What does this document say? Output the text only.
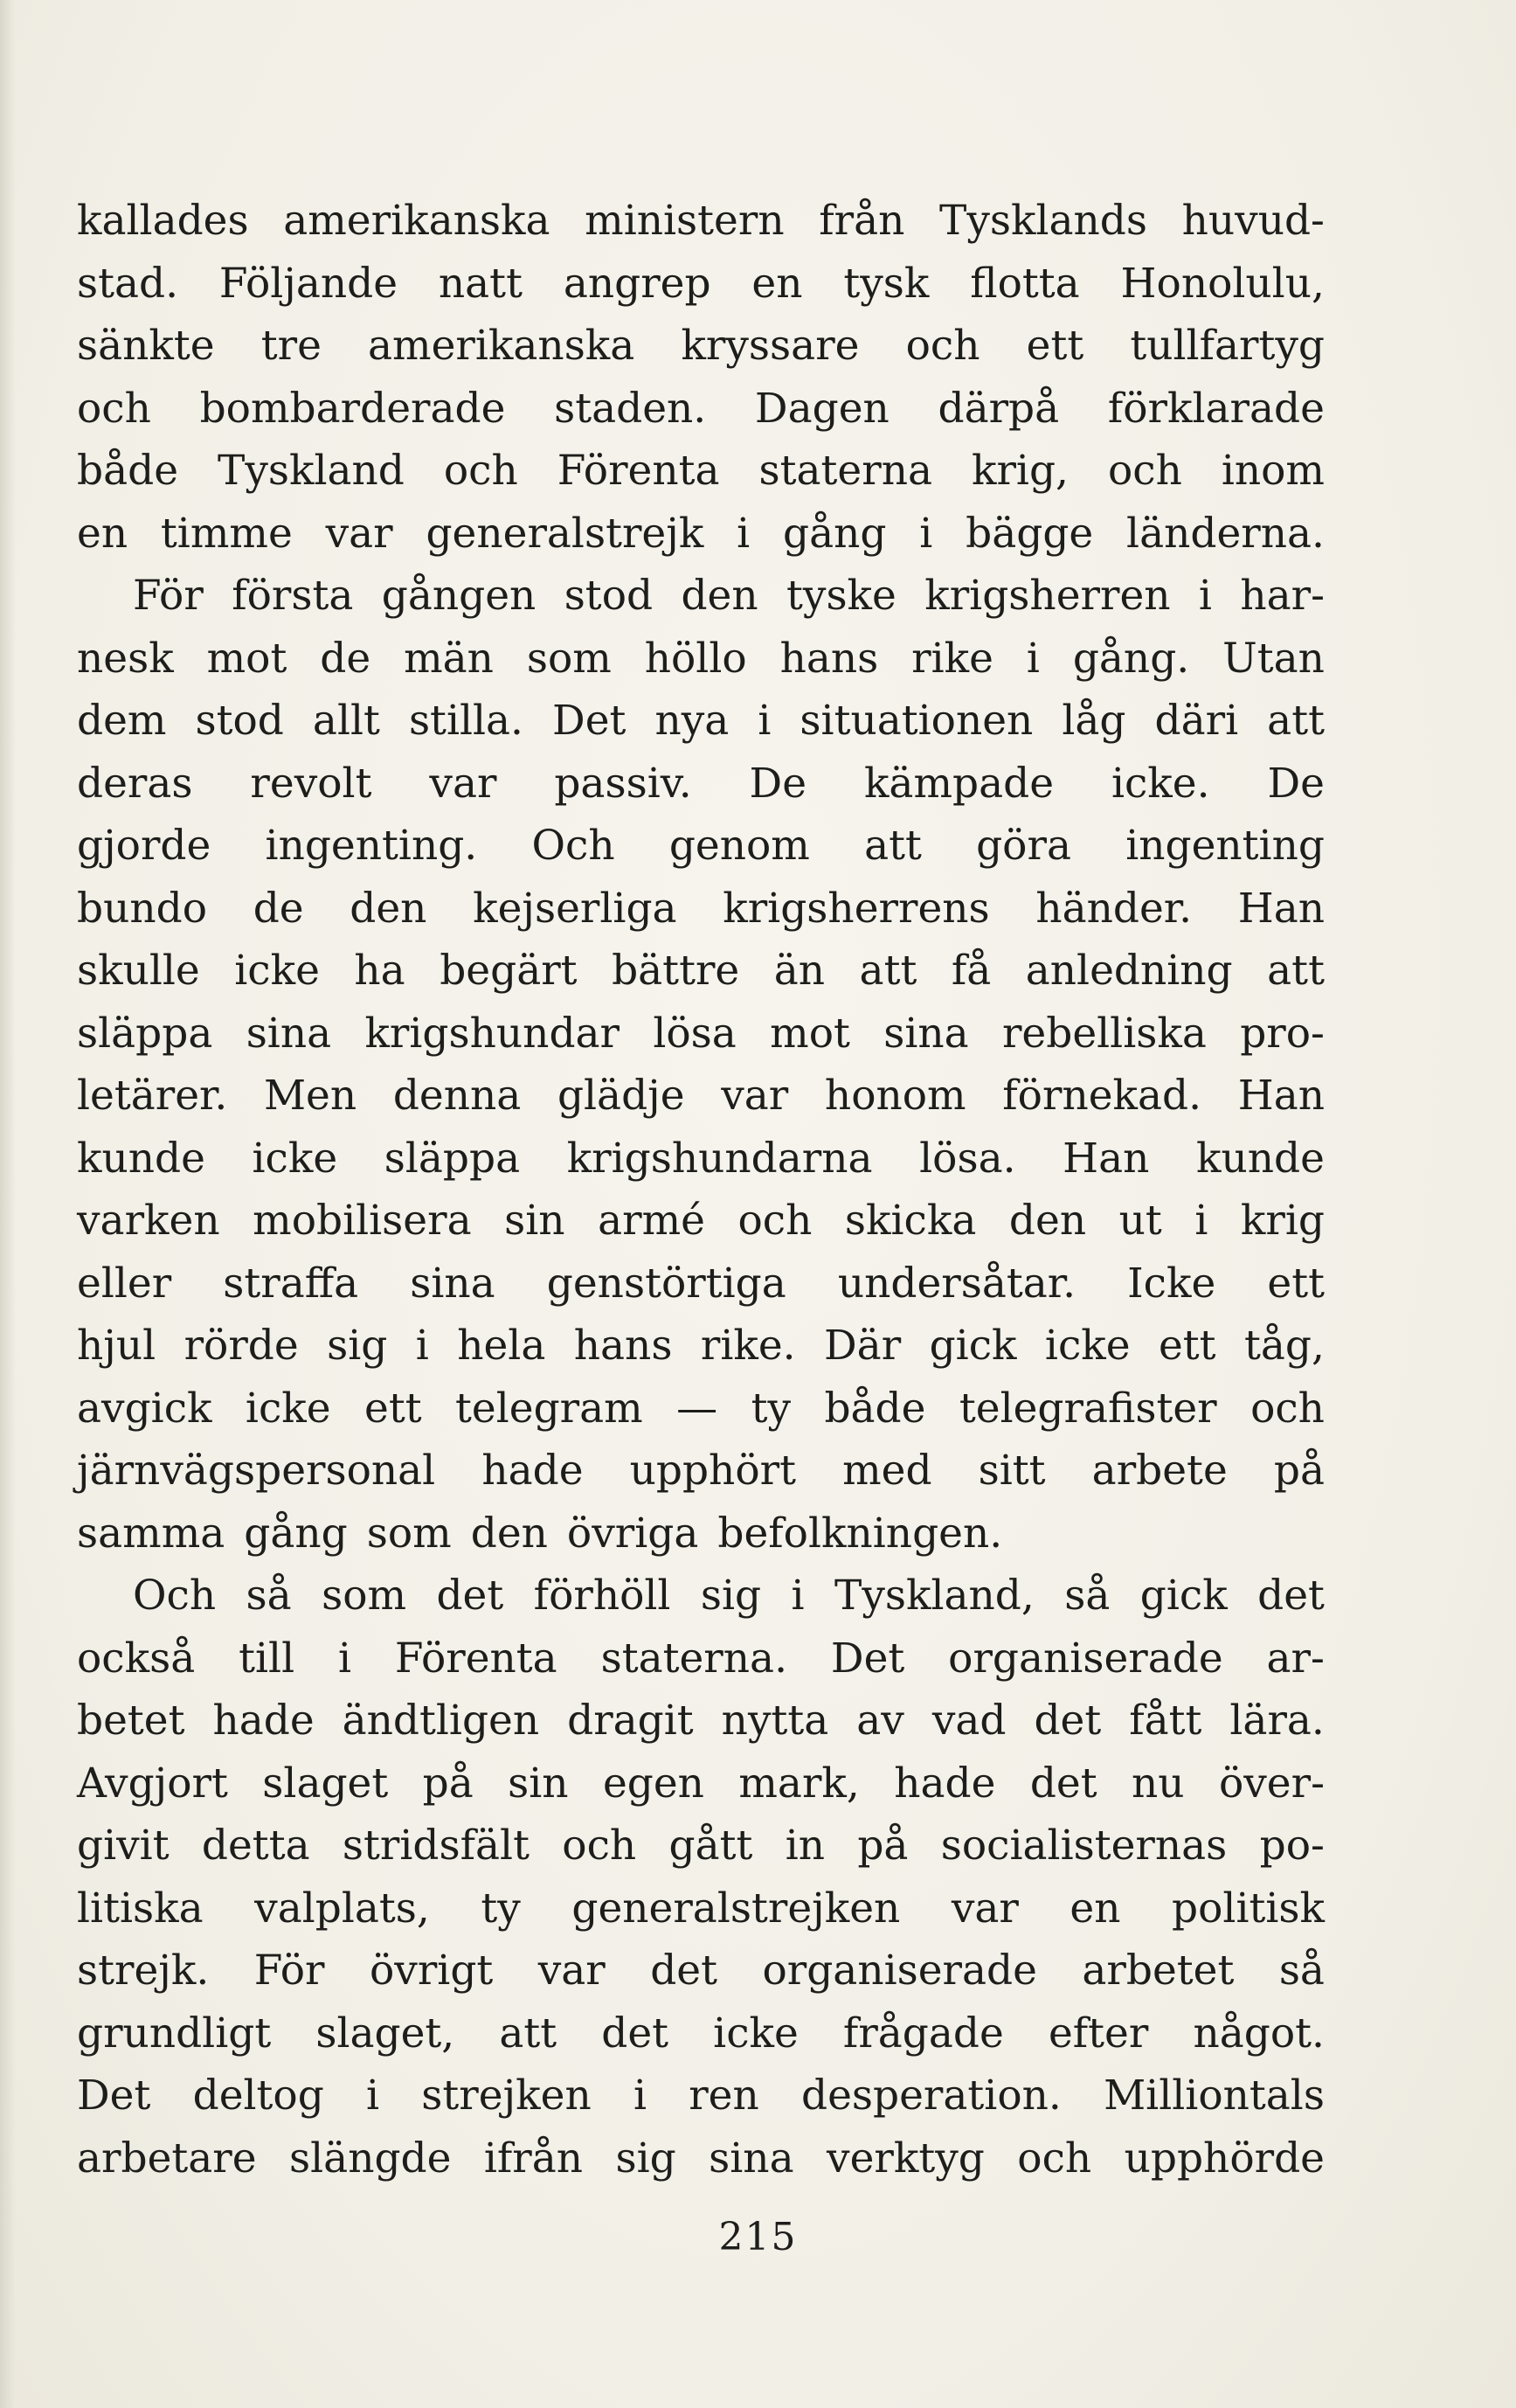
kallades amerikanska ministern från Tysklands huvud-
stad. Följande natt angrep en tysk flotta Honolulu,
sänkte tre amerikanska kryssare och ett tullfartyg
och bombarderade staden. Dagen därpå förklarade
både Tyskland och Förenta staterna krig, och inom
en timme var generalstrejk i gång i bägge länderna.
För första gången stod den tyske krigsherren i har-
nesk mot de män som höllo hans rike i gång. Utan
dem stod allt stilla. Det nya i situationen låg däri att
deras revolt var passiv. De kämpade icke. De
gjorde ingenting. Och genom att göra ingenting
bundo de den kejserliga krigsherrens händer. Han
skulle icke ha begärt bättre än att få anledning att
släppa sina krigshundar lösa mot sina rebelliska pro-
letärer. Men denna glädje var honom förnekad. Han
kunde icke släppa krigshundarna lösa. Han kunde
varken mobilisera sin armé och skicka den ut i krig
eller straffa sina genstörtiga undersåtar. Icke ett
hjul rörde sig i hela hans rike. Där gick icke ett tåg,
avgick icke ett telegram — ty både telegrafister och
järnvägspersonal hade upphört med sitt arbete på
samma gång som den övriga befolkningen.
Och så som det förhöll sig i Tyskland, så gick det
också till i Förenta staterna. Det organiserade ar-
betet hade ändtligen dragit nytta av vad det fått lära.
Avgjort slaget på sin egen mark, hade det nu över-
givit detta stridsfält och gått in på socialisternas po-
litiska valplats, ty generalstrejken var en politisk
strejk. För övrigt var det organiserade arbetet så
grundligt slaget, att det icke frågade efter något.
Det deltog i strejken i ren desperation. Milliontals
arbetare slängde ifrån sig sina verktyg och upphörde
215
